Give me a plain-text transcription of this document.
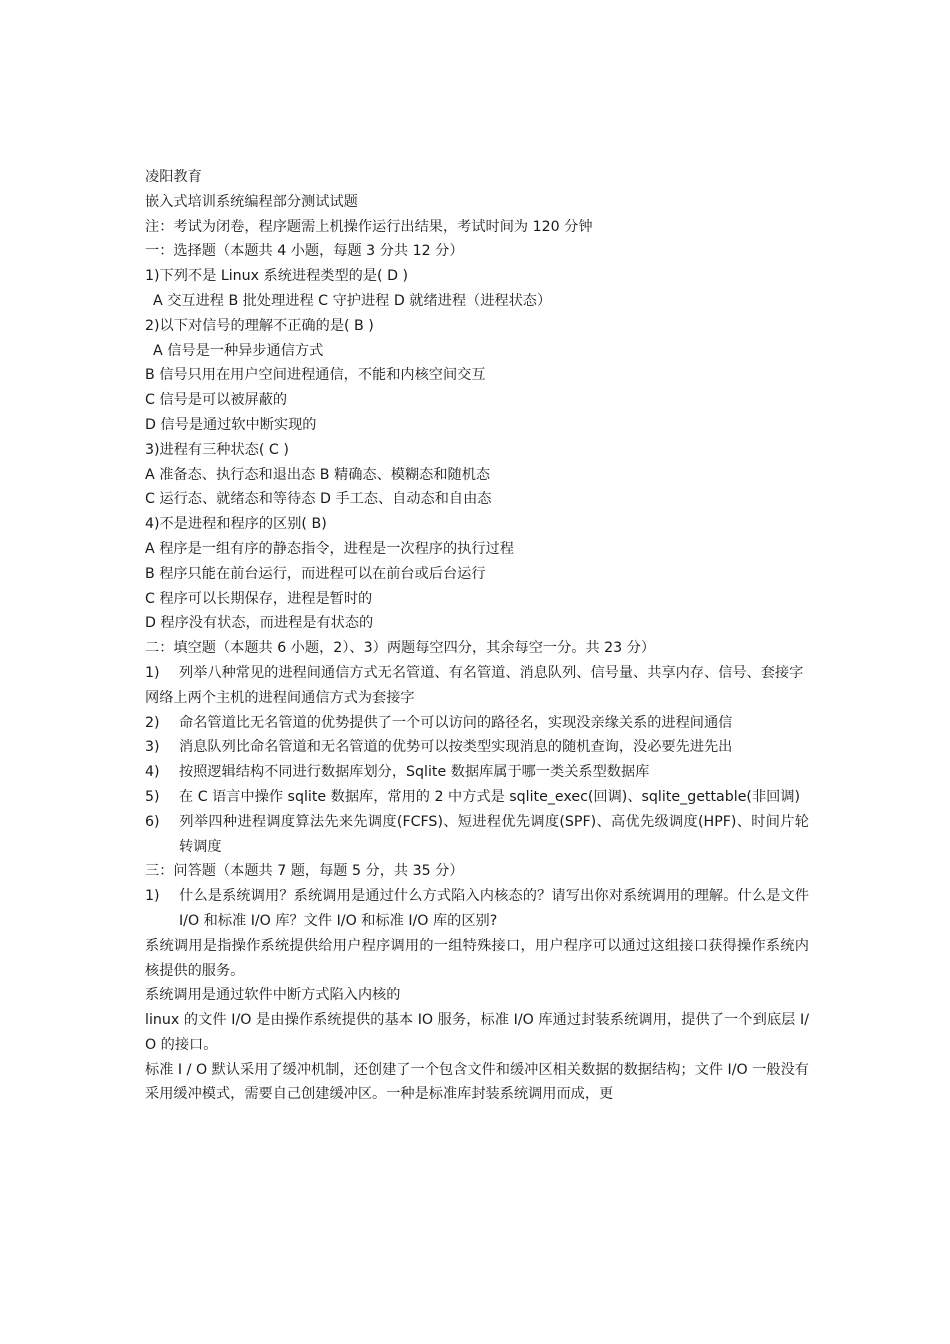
凌阳教育

嵌入式培训系统编程部分测试试题

注：考试为闭卷，程序题需上机操作运行出结果，考试时间为 120 分钟

一：选择题（本题共 4 小题，每题 3 分共 12 分）

1)下列不是 Linux 系统进程类型的是( D )

A 交互进程 B 批处理进程 C 守护进程 D 就绪进程（进程状态）

2)以下对信号的理解不正确的是( B )

A 信号是一种异步通信方式

B 信号只用在用户空间进程通信，不能和内核空间交互

C 信号是可以被屏蔽的

D 信号是通过软中断实现的

3)进程有三种状态( C )

A 准备态、执行态和退出态 B 精确态、模糊态和随机态

C 运行态、就绪态和等待态 D 手工态、自动态和自由态

4)不是进程和程序的区别( B)

A 程序是一组有序的静态指令，进程是一次程序的执行过程

B 程序只能在前台运行，而进程可以在前台或后台运行

C 程序可以长期保存，进程是暂时的

D 程序没有状态，而进程是有状态的

二：填空题（本题共 6 小题，2）、3）两题每空四分，其余每空一分。共 23 分）

1) 列举八种常见的进程间通信方式无名管道、有名管道、消息队列、信号量、共享内存、信号、套接字

网络上两个主机的进程间通信方式为套接字

2) 命名管道比无名管道的优势提供了一个可以访问的路径名，实现没亲缘关系的进程间通信

3) 消息队列比命名管道和无名管道的优势可以按类型实现消息的随机查询，没必要先进先出

4) 按照逻辑结构不同进行数据库划分，Sqlite 数据库属于哪一类关系型数据库

5) 在 C 语言中操作 sqlite 数据库，常用的 2 中方式是 sqlite_exec(回调)、sqlite_gettable(非回调)

6) 列举四种进程调度算法先来先调度(FCFS)、短进程优先调度(SPF)、高优先级调度(HPF)、时间片轮转调度

三：问答题（本题共 7 题，每题 5 分，共 35 分）

1) 什么是系统调用？系统调用是通过什么方式陷入内核态的？请写出你对系统调用的理解。什么是文件 I/O 和标准 I/O 库？文件 I/O 和标准 I/O 库的区别?

系统调用是指操作系统提供给用户程序调用的一组特殊接口，用户程序可以通过这组接口获得操作系统内核提供的服务。

系统调用是通过软件中断方式陷入内核的

linux 的文件 I/O 是由操作系统提供的基本 IO 服务，标准 I/O 库通过封装系统调用，提供了一个到底层 I/O 的接口。

标准 I / O 默认采用了缓冲机制，还创建了一个包含文件和缓冲区相关数据的数据结构；文件 I/O 一般没有采用缓冲模式，需要自己创建缓冲区。一种是标准库封装系统调用而成，更
